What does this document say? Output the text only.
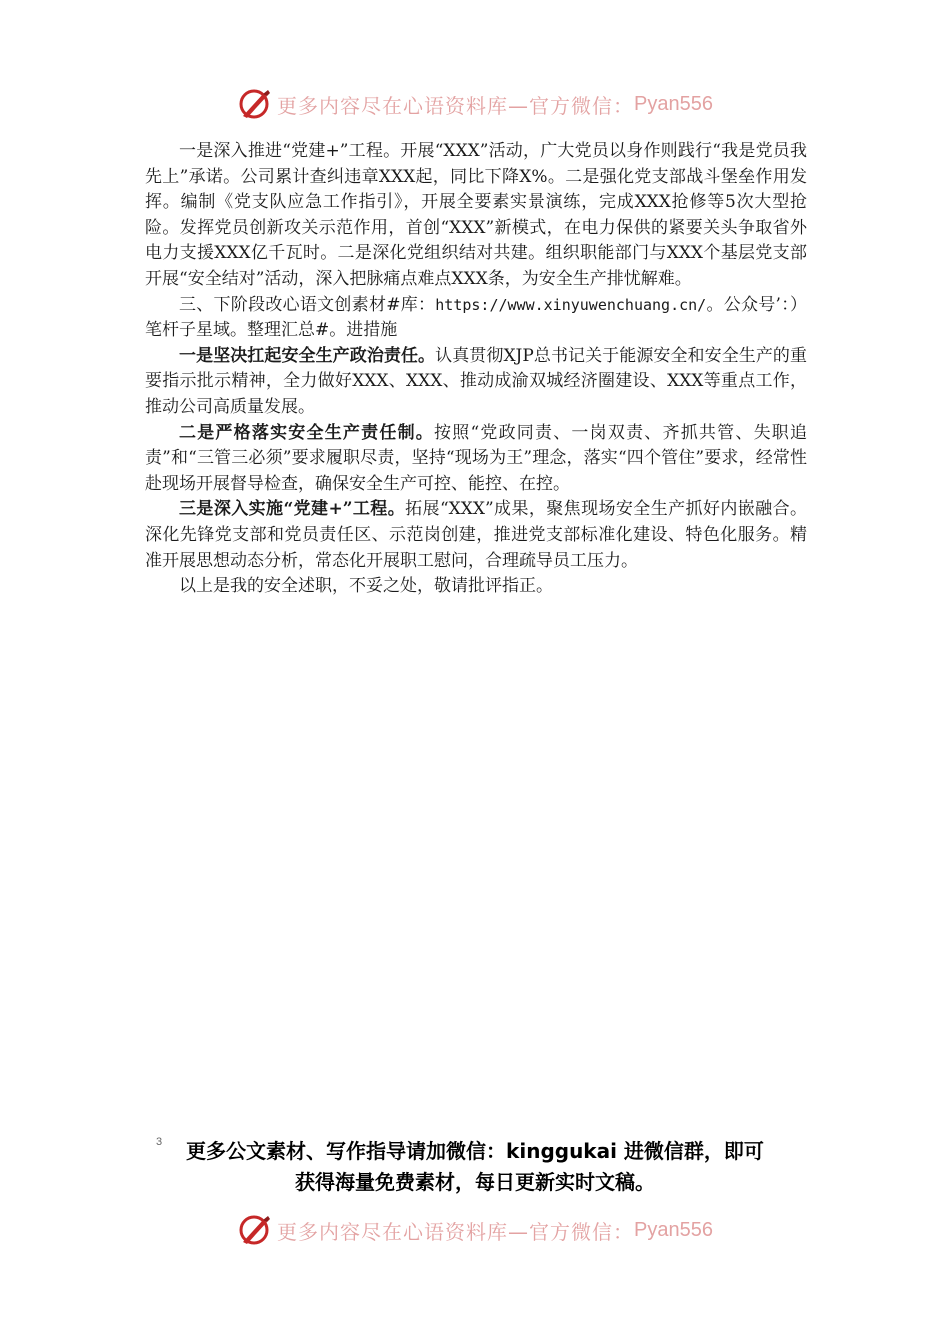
更多内容尽在心语资料库—官方微信： Pyan556

一是深入推进“党建+”工程。开展“XXX”活动，广大党员以身作则践行“我是党员我先上”承诺。公司累计查纠违章XXX起，同比下降X%。二是强化党支部战斗堡垒作用发挥。编制《党支队应急工作指引》，开展全要素实景演练，完成XXX抢修等5次大型抢险。发挥党员创新攻关示范作用，首创“XXX”新模式，在电力保供的紧要关头争取省外电力支援XXX亿千瓦时。二是深化党组织结对共建。组织职能部门与XXX个基层党支部开展“安全结对”活动，深入把脉痛点难点XXX条，为安全生产排忧解难。

三、下阶段改心语文创素材#库：https://www.xinyuwenchuang.cn/。公众号’：）笔杆子星域。整理汇总#。进措施

一是坚决扛起安全生产政治责任。认真贯彻XJP总书记关于能源安全和安全生产的重要指示批示精神，全力做好XXX、XXX、推动成渝双城经济圈建设、XXX等重点工作，推动公司高质量发展。

二是严格落实安全生产责任制。按照“党政同责、一岗双责、齐抓共管、失职追责”和“三管三必须”要求履职尽责，坚持“现场为王”理念，落实“四个管住”要求，经常性赴现场开展督导检查，确保安全生产可控、能控、在控。

三是深入实施“党建+”工程。拓展“XXX”成果，聚焦现场安全生产抓好内嵌融合。深化先锋党支部和党员责任区、示范岗创建，推进党支部标准化建设、特色化服务。精准开展思想动态分析，常态化开展职工慰问，合理疏导员工压力。

以上是我的安全述职，不妥之处，敬请批评指正。

3	更多公文素材、写作指导请加微信：kinggukai 进微信群，即可
获得海量免费素材，每日更新实时文稿。
更多内容尽在心语资料库—官方微信： Pyan556
